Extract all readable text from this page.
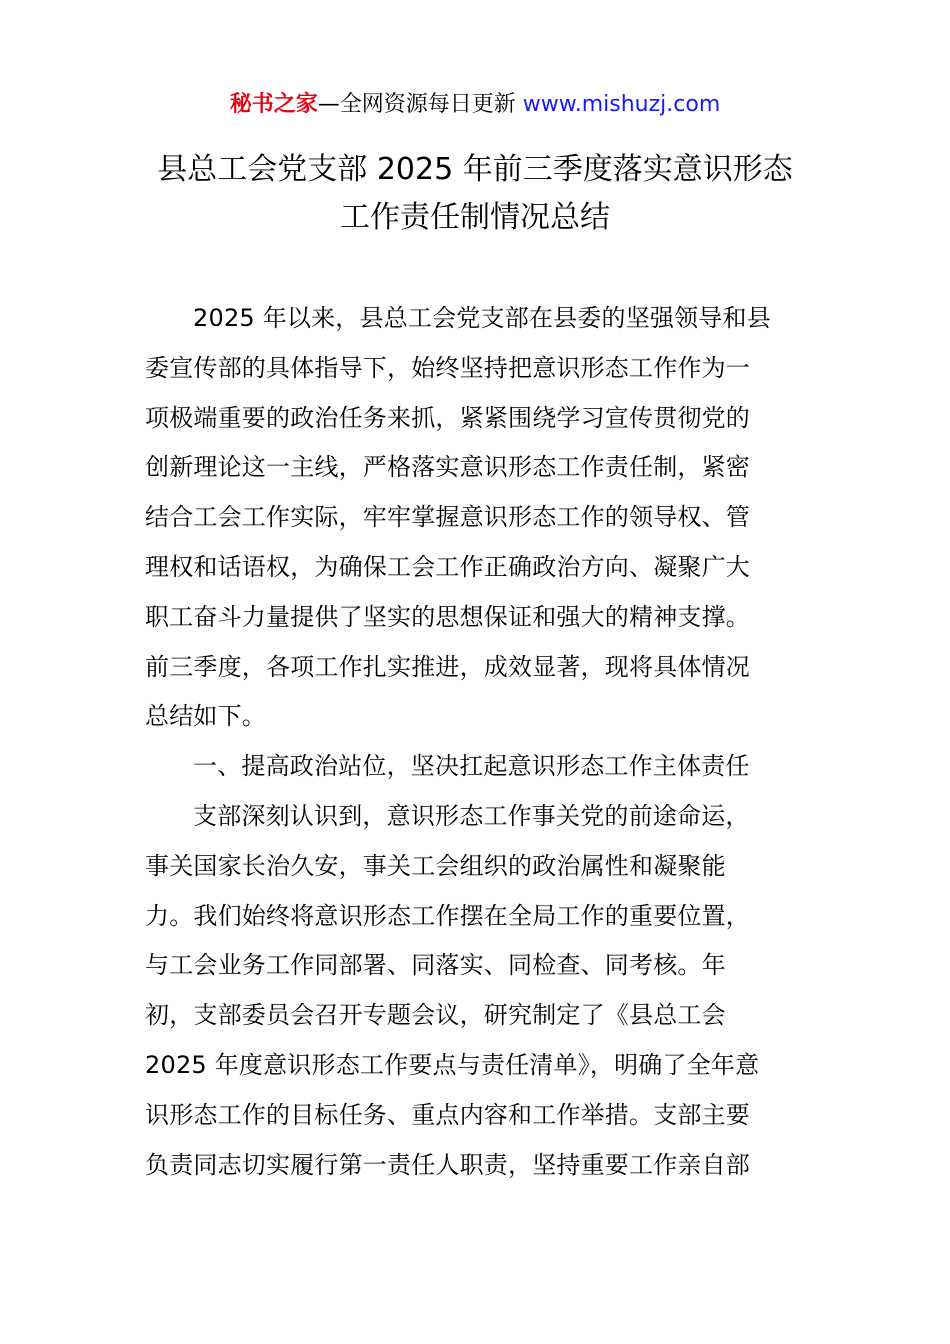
秘书之家—全网资源每日更新 www.mishuzj.com
县总工会党支部 2025 年前三季度落实意识形态
工作责任制情况总结

2025 年以来，县总工会党支部在县委的坚强领导和县
委宣传部的具体指导下，始终坚持把意识形态工作作为一
项极端重要的政治任务来抓，紧紧围绕学习宣传贯彻党的
创新理论这一主线，严格落实意识形态工作责任制，紧密
结合工会工作实际，牢牢掌握意识形态工作的领导权、管
理权和话语权，为确保工会工作正确政治方向、凝聚广大
职工奋斗力量提供了坚实的思想保证和强大的精神支撑。
前三季度，各项工作扎实推进，成效显著，现将具体情况
总结如下。

一、提高政治站位，坚决扛起意识形态工作主体责任

支部深刻认识到，意识形态工作事关党的前途命运，
事关国家长治久安，事关工会组织的政治属性和凝聚能
力。我们始终将意识形态工作摆在全局工作的重要位置，
与工会业务工作同部署、同落实、同检查、同考核。年
初，支部委员会召开专题会议，研究制定了《县总工会
2025 年度意识形态工作要点与责任清单》，明确了全年意
识形态工作的目标任务、重点内容和工作举措。支部主要
负责同志切实履行第一责任人职责，坚持重要工作亲自部
